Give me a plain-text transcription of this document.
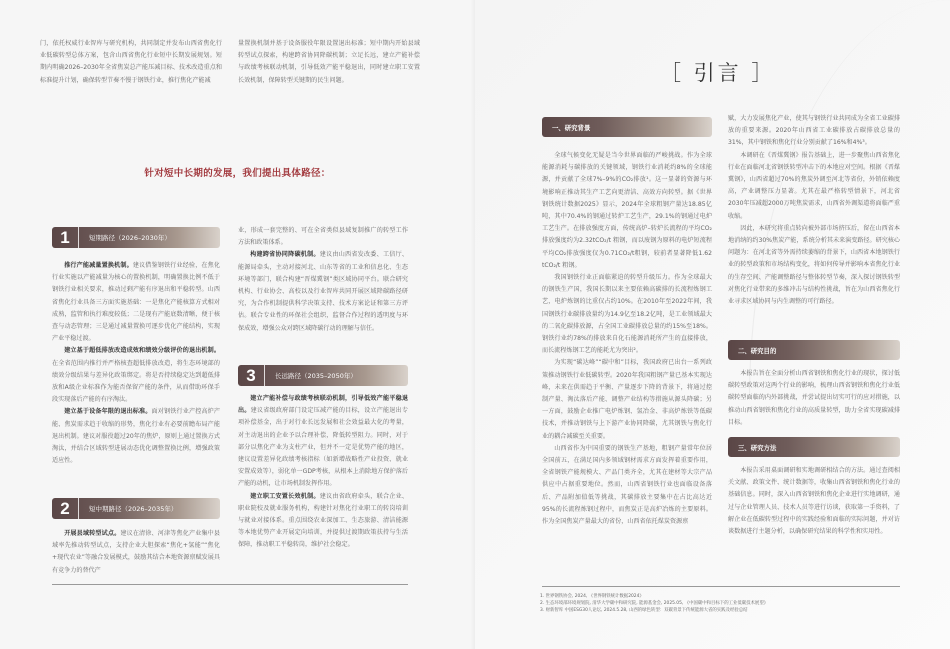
门，依托权威行业智库与研究机构，共同制定并发布山西省焦化行业低碳转型总体方案，包含山西省焦化行业短中长期发展规划。短期内明确2026–2030年全省焦炭总产能压减目标、技术改造重点和标准提升计划，确保转型节奏不慢于钢铁行业，推行焦化产能减

量置换机制并基于设备服役年限设置退出标准；短中期内开始县域转型试点探索，构建跨省协同降碳机制；立足长远，建立产能补偿与政绩考核联动机制，引导低效产能平稳退出，同时建立职工安置长效机制，保障转型关键期的民生问题。

针对短中长期的发展，我们提出具体路径：
1	短期路径（2026–2030年）

推行产能减量置换机制。建议借鉴钢铁行业经验，在焦化行业实施以产能减量为核心的置换机制，明确置换比例不低于钢铁行业相关要求，推动过剩产能有序退出和平稳转型。山西省焦化行业具备三方面实施基础：一是焦化产能核算方式相对成熟，监管和执行难度较低；二是现有产能底数清晰，便于核查与动态管理；三是通过减量置换可逐步优化产能结构，实现产业平稳过渡。

建立基于超低排放改造成效和绩效分级评价的退出机制。在全省范围内推行并严格核查超低排放改造，将生态环境部的绩效分级结果与差异化政策绑定。将是否持续稳定达到超低排放和A级企业标准作为能否保留产能的条件，从而借助环保手段实现落后产能的有序淘汰。

建立基于设备年限的退出标准。面对钢铁行业产控高炉产能、焦炭需求趋于收缩的形势，焦化行业有必要前瞻布局产能退出机制。建议对服役超过20年的焦炉，原则上通过置换方式淘汰，并结合区域转型进展动态优化调整置换比例，增强政策适应性。

2	短中期路径（2026–2035年）

开展县域转型试点。建议在清徐、河津等焦化产业集中县域率先推动转型试点，支持企业大胆探索“焦化+氢能”“焦化+现代农业”等融合发展模式，鼓励其结合本地资源禀赋发展具有竞争力的替代产

业，形成一套完整的、可在全省类似县域复制推广的转型工作方法和政策体系。

构建跨省协同降碳机制。建议由山西省发改委、工信厅、能源局牵头，主动对接河北、山东等省的工业和信息化、生态环境等部门，联合构建“晋煤冀钢”类区域协同平台。联合研究机构、行业协会、高校以及行业智库共同开展区域降碳路径研究，为合作机制提供科学决策支持、技术方案论证和第三方评估。联合专业性的环保社会组织，监督合作过程的透明度与环保成效，增强公众对跨区域降碳行动的理解与信任。

3	长远路径（2035–2050年）

建立产能补偿与政绩考核联动机制，引导低效产能平稳退出。建议省级政府部门设定压减产能的目标，设立产能退出专项补偿基金，出于对行业长远发展和社会效益最大化的考量，对主动退出的企业予以合理补偿，降低转型阻力。同时，对于部分以焦化产业为支柱产业，但并不一定是优势产能的地区，建议设置差异化政绩考核指标（如新增战略性产业投资、就业安置成效等），弱化单一GDP考核，从根本上消除地方保护落后产能的动机，让市场机制发挥作用。

建立职工安置长效机制。建议由省政府牵头，联合企业、职业院校及就业服务机构，构建针对焦化行业职工的转岗培训与就业对接体系。重点围绕农业深加工、生态旅游、清洁能源等本地优势产业开展定向培训，并提供过渡期政策扶持与生活保障，推动职工平稳转岗，维护社会稳定。

［ 引言 ］
一、研究背景

全球气候变化无疑是当今世界面临的严峻挑战。作为全球能源消耗与碳排放的关键领域，钢铁行业消耗约8%的全球能源，并贡献了全球7%–9%的CO₂排放¹。这一显著的资源与环境影响正推动其生产工艺向更清洁、高效方向转型。据《世界钢铁统计数据2025》显示，2024年全球粗钢产量达18.85亿吨，其中70.4%的钢通过转炉工艺生产，29.1%的钢通过电炉工艺生产。在排放强度方面，传统高炉–转炉长流程的平均CO₂排放强度约为2.32tCO₂/t 粗钢，而以废钢为原料的电炉短流程平均CO₂排放强度仅为0.71CO₂/t粗钢，较前者显著降低1.62 tCO₂/t 粗钢。

我国钢铁行业正面临紧迫的转型升级压力。作为全球最大的钢铁生产国，我国长期以来主要依赖高碳排的长流程炼钢工艺，电炉炼钢的比重仅占约10%。在2010年至2022年间，我国钢铁行业碳排放量约为14.9亿至18.2亿吨，是工业领域最大的二氧化碳排放源，占全国工业碳排放总量的约15%至18%。钢铁行业约78%的排放来自化石能源消耗所产生的直接排放，而长流程炼钢工艺的能耗尤为突出²。

为实现“碳达峰”“碳中和”目标，我国政府已出台一系列政策推动钢铁行业低碳转型。2020年我国粗钢产量已基本实现达峰，未来在供需趋于平衡、产量逐步下降的背景下，将通过控制产量、淘汰落后产能、调整产业结构等措施从源头降碳；另一方面，鼓励企业推广电炉炼钢、氢冶金、非高炉炼铁等低碳技术，并推动钢铁与上下游产业协同降碳，尤其钢铁与焦化行业的耦合减碳至关重要。

山西省作为中国重要的钢铁生产基地，粗钢产量常年位居全国前五，在满足国内多领域钢材需求方面发挥着重要作用，全省钢铁产能规模大、产品门类齐全，尤其在建材等大宗产品供应中占据重要地位。然而，山西省钢铁行业也面临设备落后、产品附加值低等挑战，其碳排放主要集中在占比高达近95%的长流程炼钢过程中，而焦炭正是高炉冶炼的主要原料。作为全国焦炭产量最大的省份，山西省依托煤炭资源禀

赋，大力发展焦化产业，使其与钢铁行业共同成为全省工业碳排放的重要来源。2020年山西省工业碳排放占碳排放总量的31%，其中钢铁和焦化行业分别贡献了16%和4%³。

本调研在《晋煤冀钢》报告基础上，进一步聚焦山西省焦化行业在面临河北省钢铁转型冲击下的本地应对空间。根据《晋煤冀钢》，山西省超过70%的焦炭外调至河北等省份，外销依赖度高，产业调整压力显著。尤其在最严格转型情景下，河北省2030年压减超2000万吨焦炭需求，山西省外调渠道将面临严重收缩。

因此，本研究将重点转向被外部市场挤压后，留在山西省本地消纳的约30%焦炭产能，系统分析其未来演变路径。研究核心问题为：在河北省等外需持续萎缩的背景下，山西省本地钢铁行业的转型政策和市场结构变化，将如何传导并影响本省焦化行业的生存空间、产能调整路径与整体转型节奏，深入探讨钢铁转型对焦化行业带来的多维冲击与结构性挑战，旨在为山西省焦化行业寻求区域协同与内生调整的可行路径。

二、研究目的

本报告旨在全面分析山西省钢铁和焦化行业的现状，探讨低碳转型政策对这两个行业的影响，梳理山西省钢铁和焦化行业低碳转型面临的内外部挑战，并尝试提出切实可行的应对措施，以推动山西省钢铁和焦化行业的高质量转型，助力全省实现碳减排目标。

三、研究方法

本报告采用桌面调研和实地调研相结合的方法。通过查阅相关文献、政策文件、统计数据等，收集山西省钢铁和焦化行业的基础信息。同时，深入山西省钢铁和焦化企业进行实地调研，通过与企业管理人员、技术人员等进行访谈，获取第一手资料，了解企业在低碳转型过程中的实践经验和面临的实际问题，并对访谈数据进行主题分析，以确保研究结果的科学性和实用性。

1. 世界钢铁协会, 2024, 《世界钢铁统计数据2024》
2. 生态环境部环境规划院, 清华大学碳中和研究院, 能源基金会, 2025.05, 《中国碳中和目标下的工业低碳技术展望》
3. 财新智库 中国ESG30人论坛, 2024.5.28, 山西的绿色转型：双碳背景下传统能源大省的实践及经验总结
